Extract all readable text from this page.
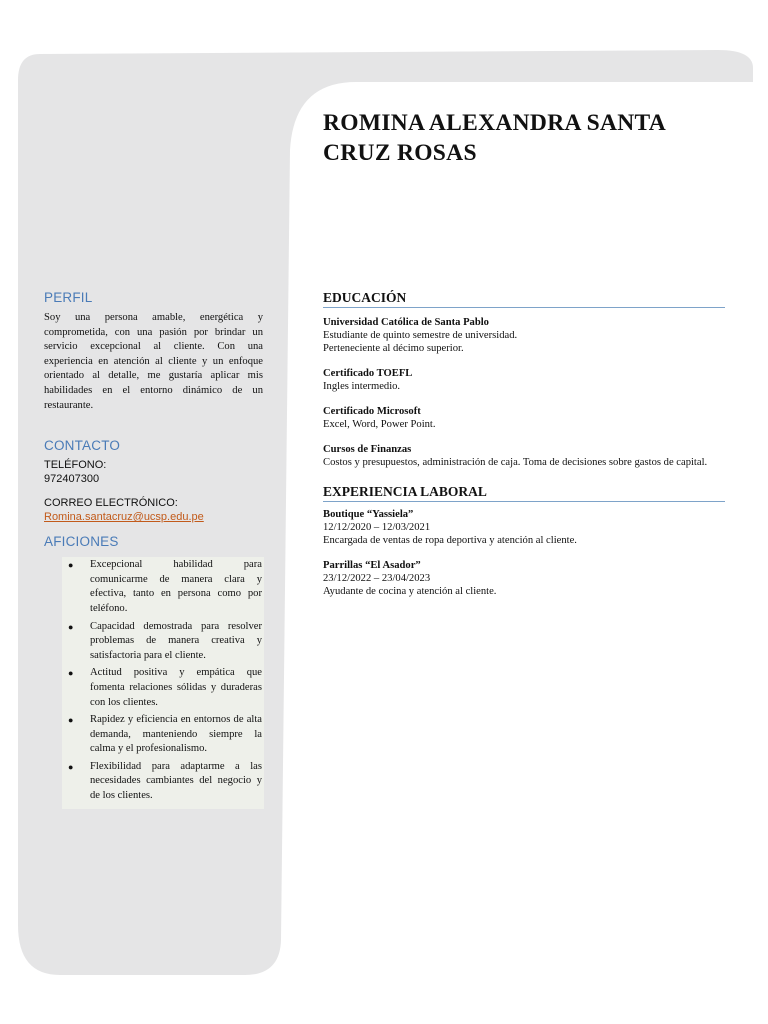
ROMINA ALEXANDRA SANTA CRUZ ROSAS
PERFIL

Soy una persona amable, energética y comprometida, con una pasión por brindar un servicio excepcional al cliente. Con una experiencia en atención al cliente y un enfoque orientado al detalle, me gustaría aplicar mis habilidades en el entorno dinámico de un restaurante.

CONTACTO

TELÉFONO:

972407300

CORREO ELECTRÓNICO:

Romina.santacruz@ucsp.edu.pe

AFICIONES
● Excepcional habilidad para comunicarme de manera clara y efectiva, tanto en persona como por teléfono.
● Capacidad demostrada para resolver problemas de manera creativa y satisfactoria para el cliente.
● Actitud positiva y empática que fomenta relaciones sólidas y duraderas con los clientes.
● Rapidez y eficiencia en entornos de alta demanda, manteniendo siempre la calma y el profesionalismo.
● Flexibilidad para adaptarme a las necesidades cambiantes del negocio y de los clientes.
EDUCACIÓN
Universidad Católica de Santa Pablo
Estudiante de quinto semestre de universidad.
Perteneciente al décimo superior.
Certificado TOEFL
Ingles intermedio.
Certificado Microsoft
Excel, Word, Power Point.
Cursos de Finanzas
Costos y presupuestos, administración de caja. Toma de decisiones sobre gastos de capital.
EXPERIENCIA LABORAL
Boutique “Yassiela”
12/12/2020 – 12/03/2021
Encargada de ventas de ropa deportiva y atención al cliente.
Parrillas “El Asador”
23/12/2022 – 23/04/2023
Ayudante de cocina y atención al cliente.
